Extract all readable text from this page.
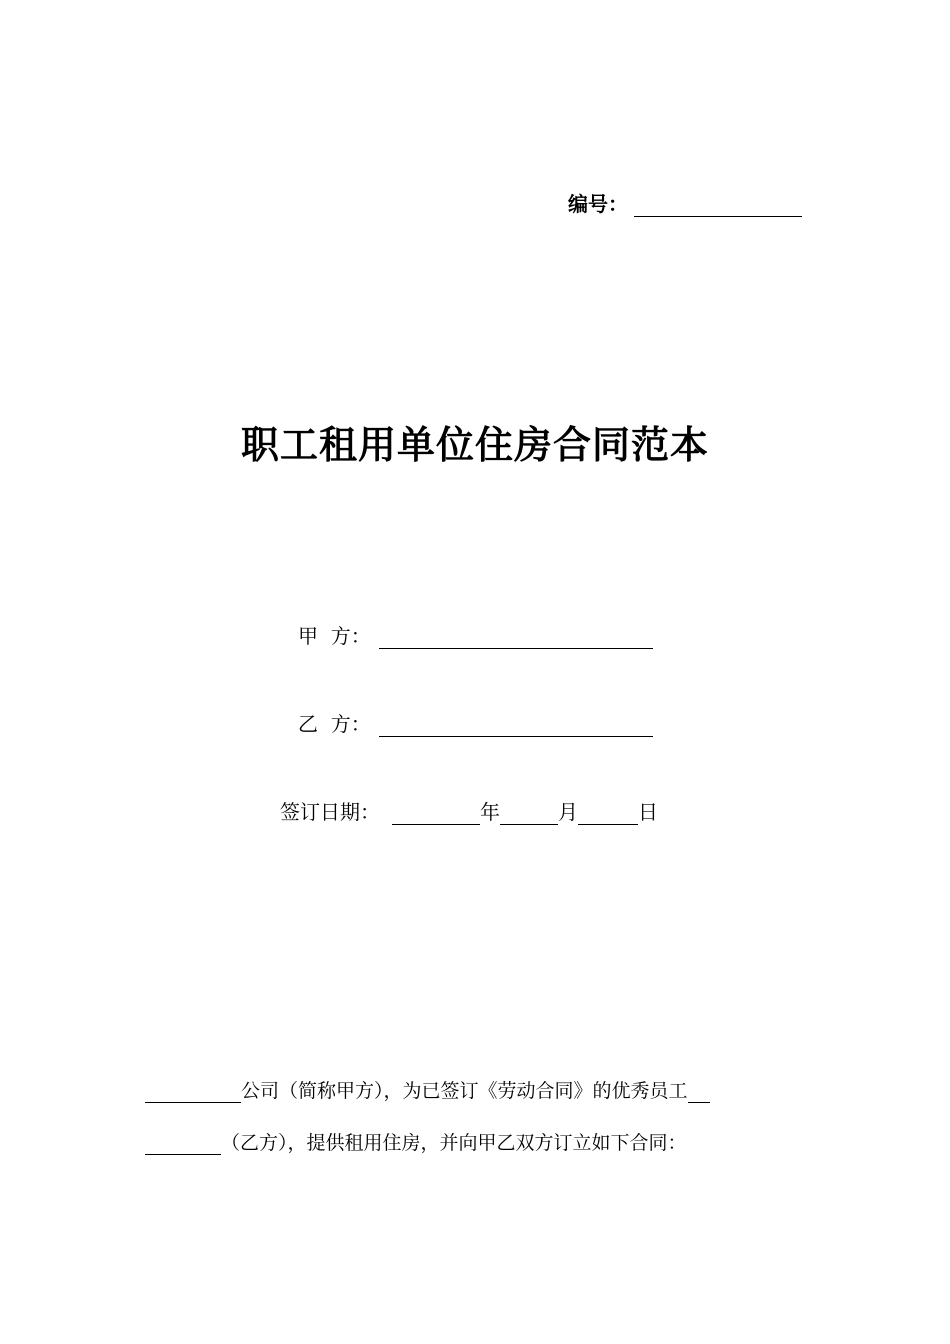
编号：
职工租用单位住房合同范本
甲  方：
乙  方：
签订日期：	年	月	日
公司（简称甲方），为已签订《劳动合同》的优秀员工
（乙方），提供租用住房，并向甲乙双方订立如下合同：
